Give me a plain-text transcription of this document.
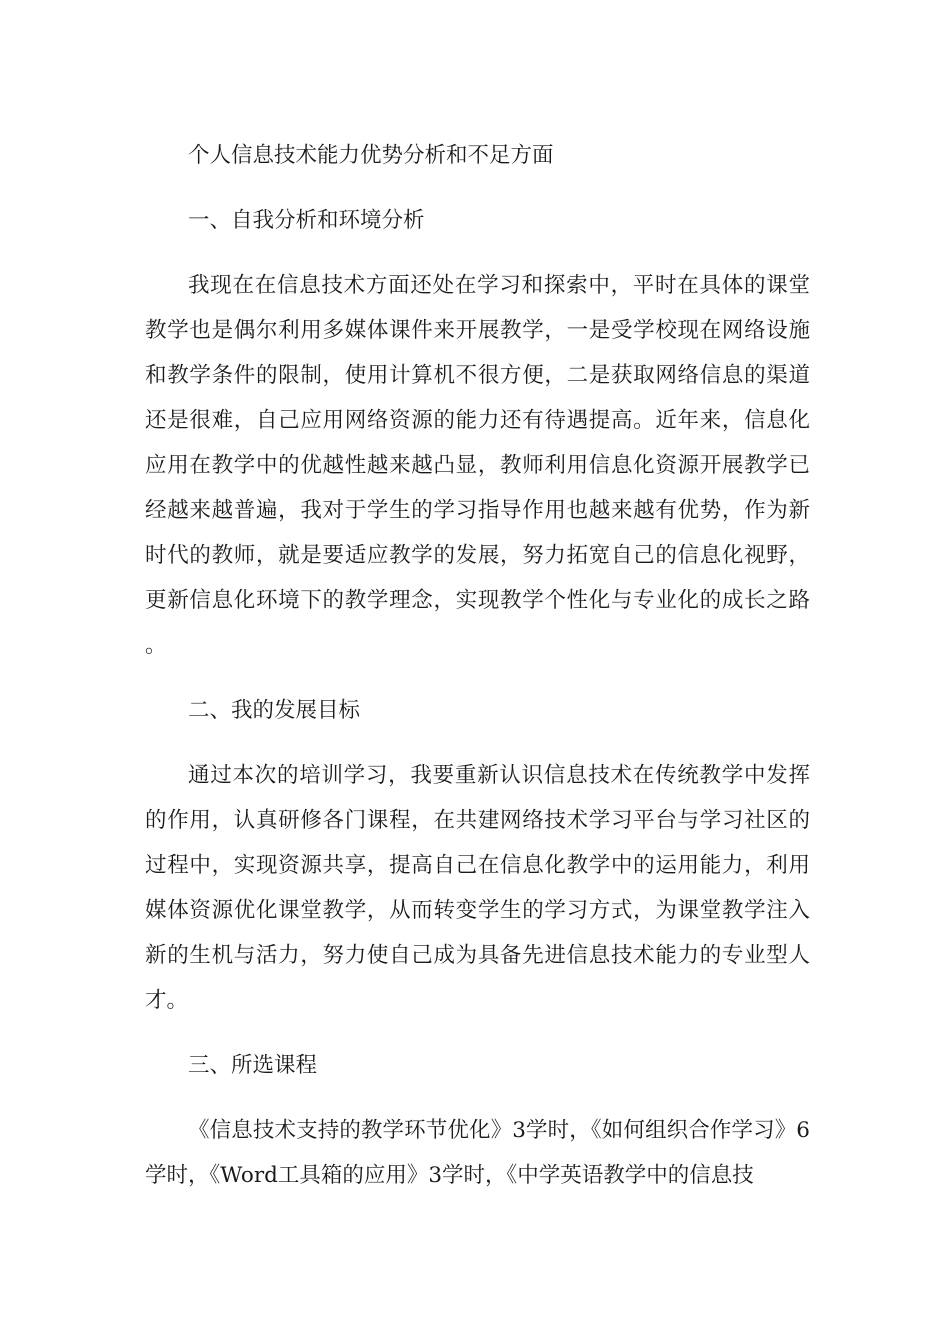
个人信息技术能力优势分析和不足方面
一、自我分析和环境分析

我现在在信息技术方面还处在学习和探索中，平时在具体的课堂教学也是偶尔利用多媒体课件来开展教学，一是受学校现在网络设施和教学条件的限制，使用计算机不很方便，二是获取网络信息的渠道还是很难，自己应用网络资源的能力还有待遇提高。近年来，信息化应用在教学中的优越性越来越凸显，教师利用信息化资源开展教学已经越来越普遍，我对于学生的学习指导作用也越来越有优势，作为新时代的教师，就是要适应教学的发展，努力拓宽自己的信息化视野，更新信息化环境下的教学理念，实现教学个性化与专业化的成长之路。

二、我的发展目标

通过本次的培训学习，我要重新认识信息技术在传统教学中发挥的作用，认真研修各门课程，在共建网络技术学习平台与学习社区的过程中，实现资源共享，提高自己在信息化教学中的运用能力，利用媒体资源优化课堂教学，从而转变学生的学习方式，为课堂教学注入新的生机与活力，努力使自己成为具备先进信息技术能力的专业型人才。

三、所选课程

《信息技术支持的教学环节优化》3学时，《如何组织合作学习》6学时，《Word工具箱的应用》3学时，《中学英语教学中的信息技
